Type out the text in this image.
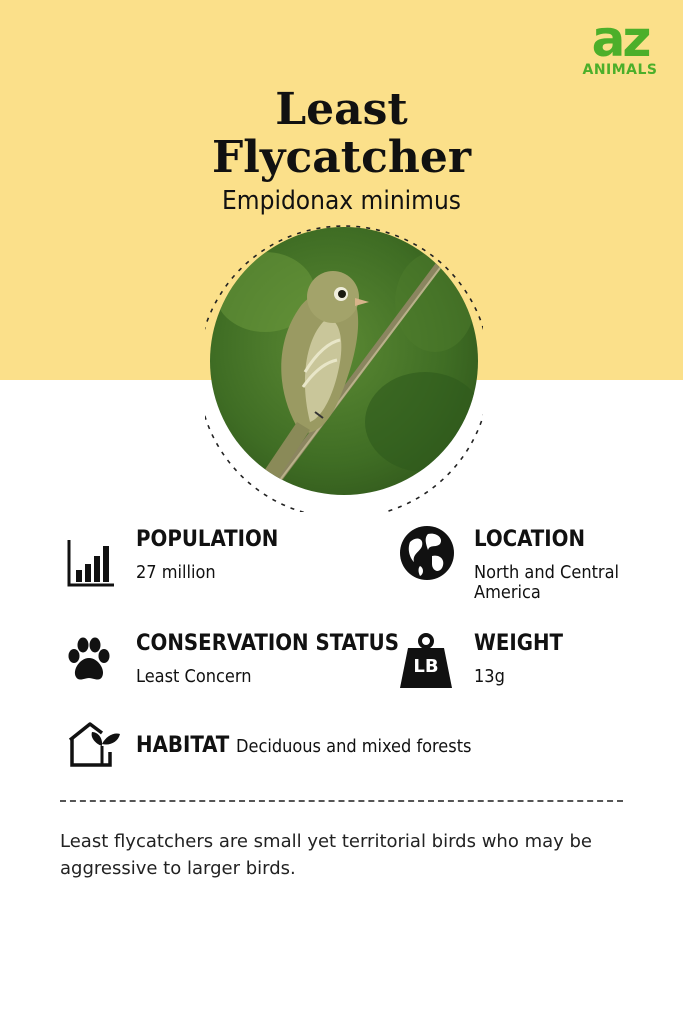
az
ANIMALS
Least
Flycatcher
Empidonax minimus
POPULATION
27 million
LOCATION
North and Central
America
CONSERVATION STATUS
Least Concern	LB
WEIGHT
13g
HABITAT Deciduous and mixed forests
Least flycatchers are small yet territorial birds who may be aggressive to larger birds.
